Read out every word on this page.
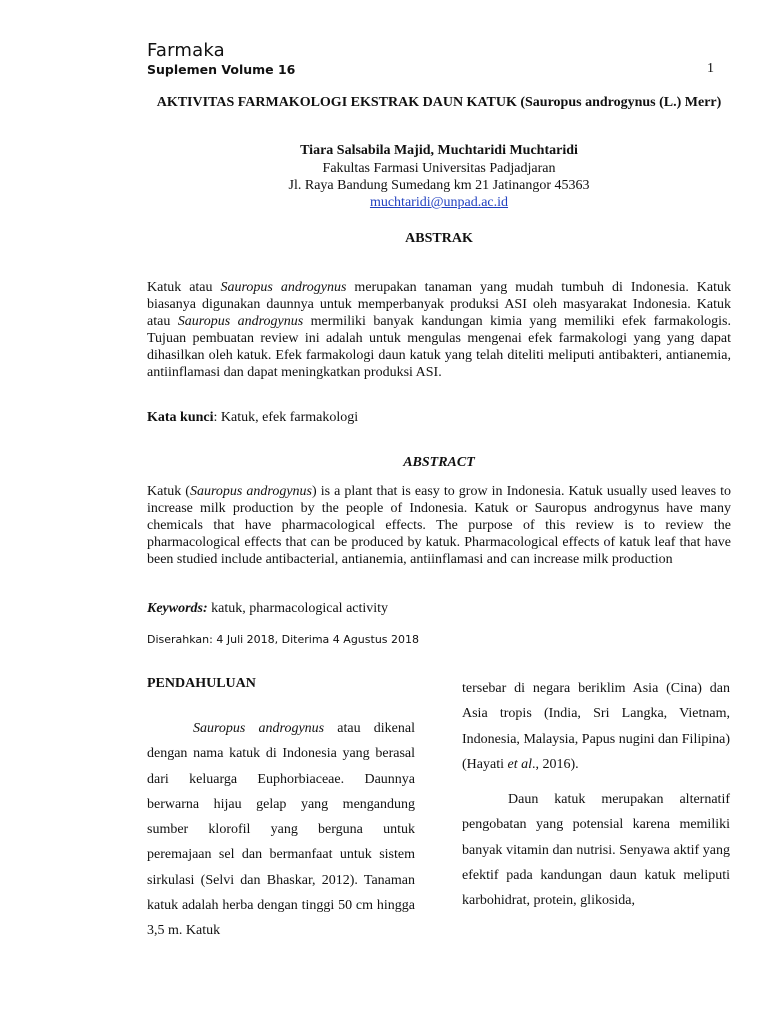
Farmaka
Suplemen Volume 16	1
AKTIVITAS FARMAKOLOGI EKSTRAK DAUN KATUK (Sauropus androgynus (L.) Merr)
Tiara Salsabila Majid, Muchtaridi Muchtaridi
Fakultas Farmasi Universitas Padjadjaran
Jl. Raya Bandung Sumedang km 21 Jatinangor 45363
muchtaridi@unpad.ac.id
ABSTRAK
Katuk atau Sauropus androgynus merupakan tanaman yang mudah tumbuh di Indonesia. Katuk biasanya digunakan daunnya untuk memperbanyak produksi ASI oleh masyarakat Indonesia. Katuk atau Sauropus androgynus mermiliki banyak kandungan kimia yang memiliki efek farmakologis. Tujuan pembuatan review ini adalah untuk mengulas mengenai efek farmakologi yang yang dapat dihasilkan oleh katuk. Efek farmakologi daun katuk yang telah diteliti meliputi antibakteri, antianemia, antiinflamasi dan dapat meningkatkan produksi ASI.
Kata kunci: Katuk, efek farmakologi
ABSTRACT
Katuk (Sauropus androgynus) is a plant that is easy to grow in Indonesia. Katuk usually used leaves to increase milk production by the people of Indonesia. Katuk or Sauropus androgynus have many chemicals that have pharmacological effects. The purpose of this review is to review the pharmacological effects that can be produced by katuk. Pharmacological effects of katuk leaf that have been studied include antibacterial, antianemia, antiinflamasi and can increase milk production
Keywords: katuk, pharmacological activity
Diserahkan: 4 Juli 2018, Diterima 4 Agustus 2018
PENDAHULUAN

Sauropus androgynus atau dikenal dengan nama katuk di Indonesia yang berasal dari keluarga Euphorbiaceae. Daunnya berwarna hijau gelap yang mengandung sumber klorofil yang berguna untuk peremajaan sel dan bermanfaat untuk sistem sirkulasi (Selvi dan Bhaskar, 2012). Tanaman katuk adalah herba dengan tinggi 50 cm hingga 3,5 m. Katuk

tersebar di negara beriklim Asia (Cina) dan Asia tropis (India, Sri Langka, Vietnam, Indonesia, Malaysia, Papus nugini dan Filipina) (Hayati et al., 2016).

Daun katuk merupakan alternatif pengobatan yang potensial karena memiliki banyak vitamin dan nutrisi. Senyawa aktif yang efektif pada kandungan daun katuk meliputi karbohidrat, protein, glikosida,
